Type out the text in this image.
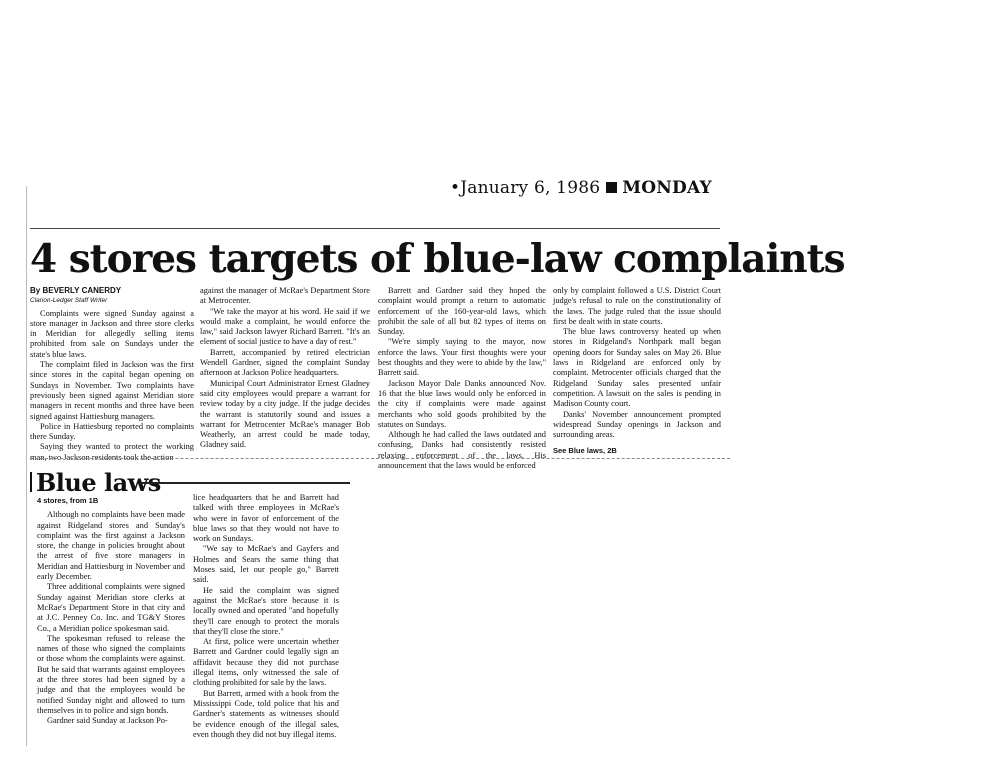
•January 6, 1986 MONDAY
4 stores targets of blue-law complaints

By BEVERLY CANERDY

Clarion-Ledger Staff Writer

Complaints were signed Sunday against a store manager in Jackson and three store clerks in Meridian for allegedly selling items prohibited from sale on Sundays under the state's blue laws.

The complaint filed in Jackson was the first since stores in the capital began opening on Sundays in November. Two complaints have previously been signed against Meridian store managers in recent months and three have been signed against Hattiesburg managers.

Police in Hattiesburg reported no complaints there Sunday.

Saying they wanted to protect the working man, two Jackson residents took the action

against the manager of McRae's Department Store at Metrocenter.

"We take the mayor at his word. He said if we would make a complaint, he would enforce the law," said Jackson lawyer Richard Barrett. "It's an element of social justice to have a day of rest."

Barrett, accompanied by retired electrician Wendell Gardner, signed the complaint Sunday afternoon at Jackson Police headquarters.

Municipal Court Administrator Ernest Gladney said city employees would prepare a warrant for review today by a city judge. If the judge decides the warrant is statutorily sound and issues a warrant for Metrocenter McRae's manager Bob Weatherly, an arrest could be made today, Gladney said.

Barrett and Gardner said they hoped the complaint would prompt a return to automatic enforcement of the 160-year-old laws, which prohibit the sale of all but 82 types of items on Sunday.

"We're simply saying to the mayor, now enforce the laws. Your first thoughts were your best thoughts and they were to abide by the law," Barrett said.

Jackson Mayor Dale Danks announced Nov. 16 that the blue laws would only be enforced in the city if complaints were made against merchants who sold goods prohibited by the statutes on Sundays.

Although he had called the laws outdated and confusing, Danks had consistently resisted relaxing enforcement of the laws. His announcement that the laws would be enforced

only by complaint followed a U.S. District Court judge's refusal to rule on the constitutionality of the laws. The judge ruled that the issue should first be dealt with in state courts.

The blue laws controversy heated up when stores in Ridgeland's Northpark mall began opening doors for Sunday sales on May 26. Blue laws in Ridgeland are enforced only by complaint. Metrocenter officials charged that the Ridgeland Sunday sales presented unfair competition. A lawsuit on the sales is pending in Madison County court.

Danks' November announcement prompted widespread Sunday openings in Jackson and surrounding areas.

See Blue laws, 2B

Blue laws

4 stores, from 1B

Although no complaints have been made against Ridgeland stores and Sunday's complaint was the first against a Jackson store, the change in policies brought about the arrest of five store managers in Meridian and Hattiesburg in November and early December.

Three additional complaints were signed Sunday against Meridian store clerks at McRae's Department Store in that city and at J.C. Penney Co. Inc. and TG&Y Stores Co., a Meridian police spokesman said.

The spokesman refused to release the names of those who signed the complaints or those whom the complaints were against. But he said that warrants against employees at the three stores had been signed by a judge and that the employees would be notified Sunday night and allowed to turn themselves in to police and sign bonds.

Gardner said Sunday at Jackson Po-

lice headquarters that he and Barrett had talked with three employees in McRae's who were in favor of enforcement of the blue laws so that they would not have to work on Sundays.

"We say to McRae's and Gayfers and Holmes and Sears the same thing that Moses said, let our people go," Barrett said.

He said the complaint was signed against the McRae's store because it is locally owned and operated "and hopefully they'll care enough to protect the morals that they'll close the store."

At first, police were uncertain whether Barrett and Gardner could legally sign an affidavit because they did not purchase illegal items, only witnessed the sale of clothing prohibited for sale by the laws.

But Barrett, armed with a book from the Mississippi Code, told police that his and Gardner's statements as witnesses should be evidence enough of the illegal sales, even though they did not buy illegal items.
